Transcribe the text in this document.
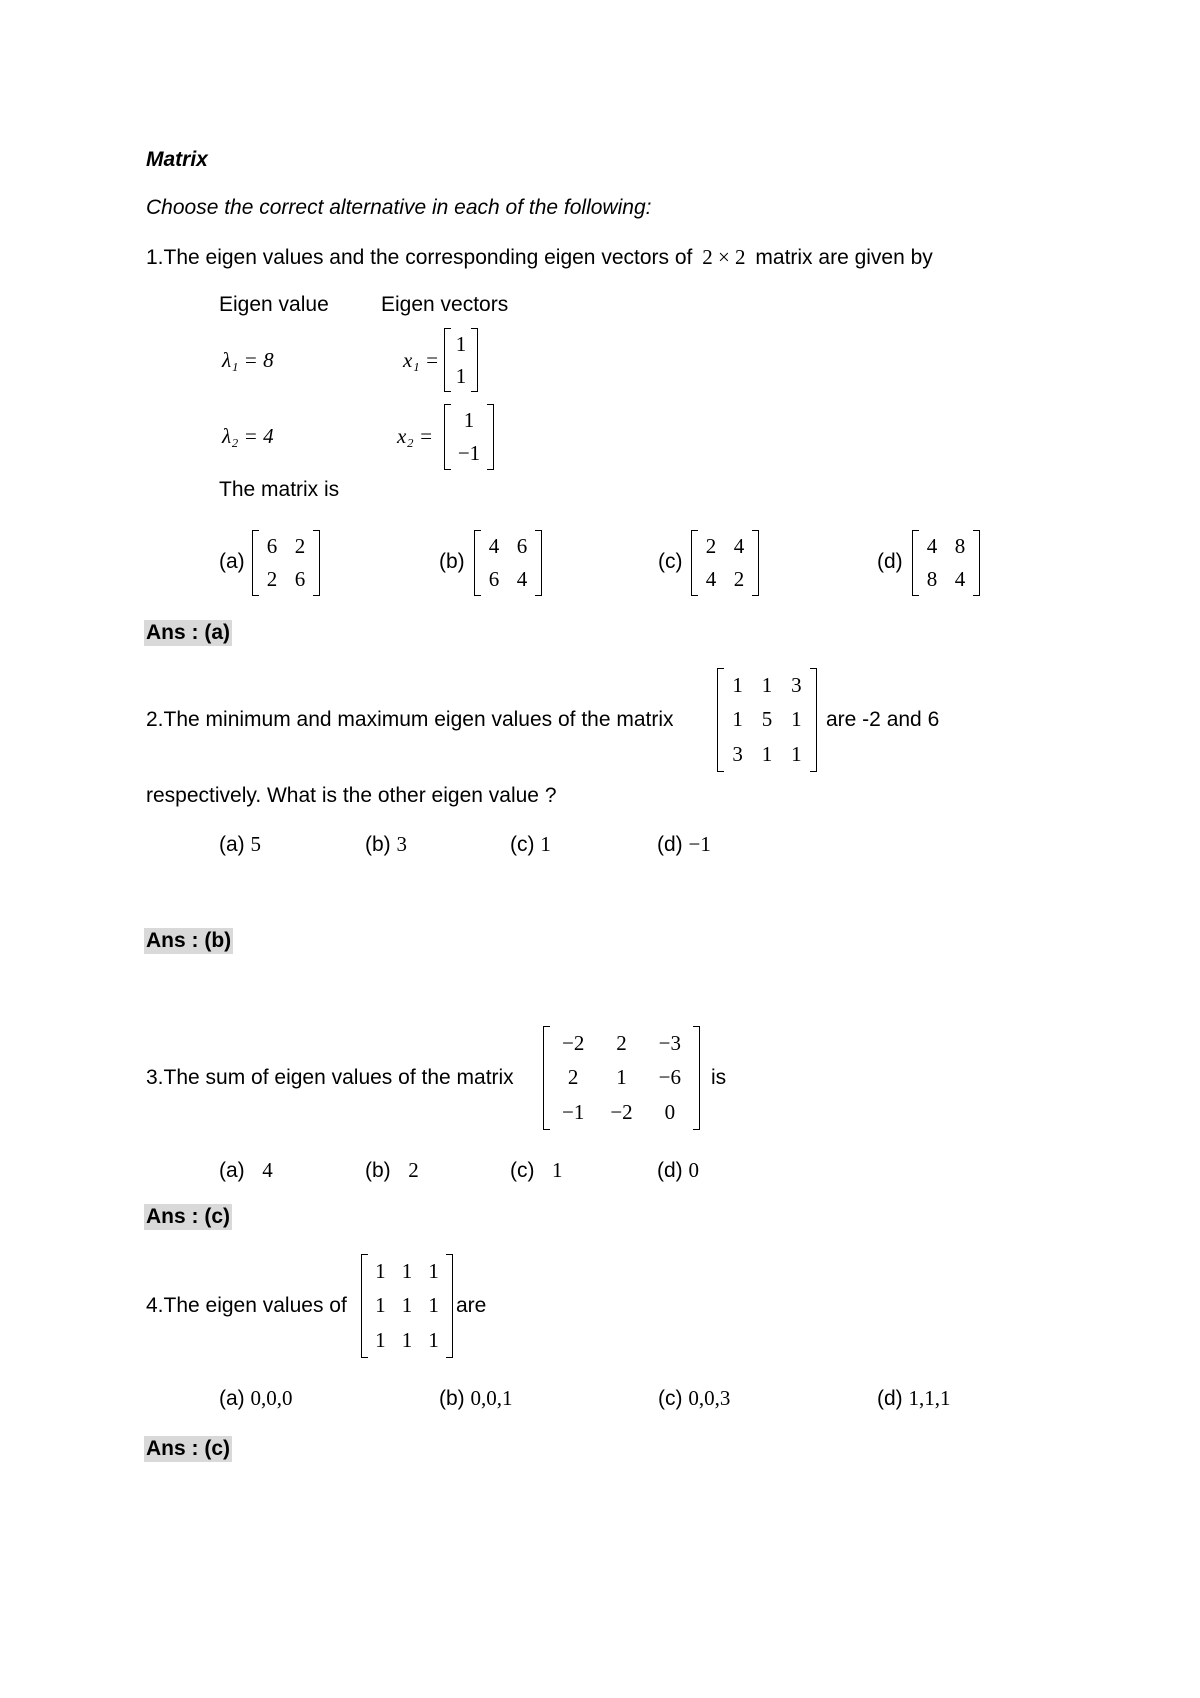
Matrix
Choose the correct alternative in each of the following:
1.The eigen values and the corresponding eigen vectors of 2 × 2 matrix are given by
Eigen value Eigen vectors
λ₁ = 8	x₁ =
1
1
λ₂ = 4	x₂ =
1
−1
The matrix is
(a)
6 2
2 6
(b)
4 6
6 4
(c)
2 4
4 2
(d)
4 8
8 4
Ans : (a)
2.The minimum and maximum eigen values of the matrix
1 1 3
1 5 1
3 1 1
are -2 and 6
respectively. What is the other eigen value ?
(a) 5	(b) 3	(c) 1	(d) −1
Ans : (b)
3.The sum of eigen values of the matrix
−2	2	−3
2	1	−6
−1	−2	0
is
(a) 4	(b) 2	(c) 1	(d) 0
Ans : (c)
4.The eigen values of
1 1 1
1 1 1
1 1 1
are
(a) 0,0,0	(b) 0,0,1	(c) 0,0,3	(d) 1,1,1
Ans : (c)
